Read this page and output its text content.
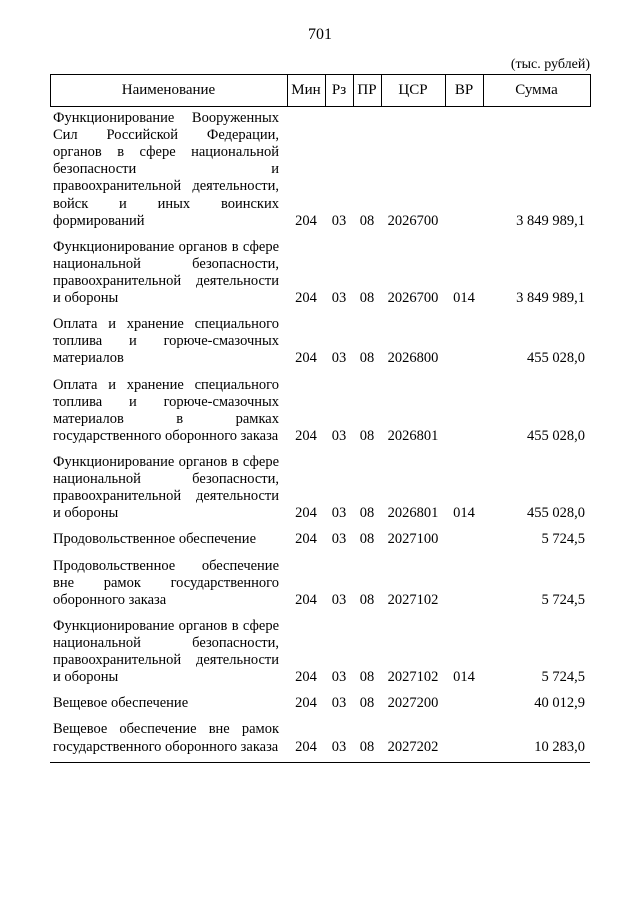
701
(тыс. рублей)
Наименование	Мин	Рз	ПР	ЦСР	ВР	Сумма
Функционирование Вооруженных Сил Российской Федерации, органов в сфере национальной безопасности и правоохранительной деятельности, войск и иных воинских формирований	204	03	08	2026700		3 849 989,1
Функционирование органов в сфере национальной безопасности, правоохранительной деятельности и обороны	204	03	08	2026700	014	3 849 989,1
Оплата и хранение специального топлива и горюче-смазочных материалов	204	03	08	2026800		455 028,0
Оплата и хранение специального топлива и горюче-смазочных материалов в рамках государственного оборонного заказа	204	03	08	2026801		455 028,0
Функционирование органов в сфере национальной безопасности, правоохранительной деятельности и обороны	204	03	08	2026801	014	455 028,0
Продовольственное обеспечение	204	03	08	2027100		5 724,5
Продовольственное обеспечение вне рамок государственного оборонного заказа	204	03	08	2027102		5 724,5
Функционирование органов в сфере национальной безопасности, правоохранительной деятельности и обороны	204	03	08	2027102	014	5 724,5
Вещевое обеспечение	204	03	08	2027200		40 012,9
Вещевое обеспечение вне рамок государственного оборонного заказа	204	03	08	2027202		10 283,0
